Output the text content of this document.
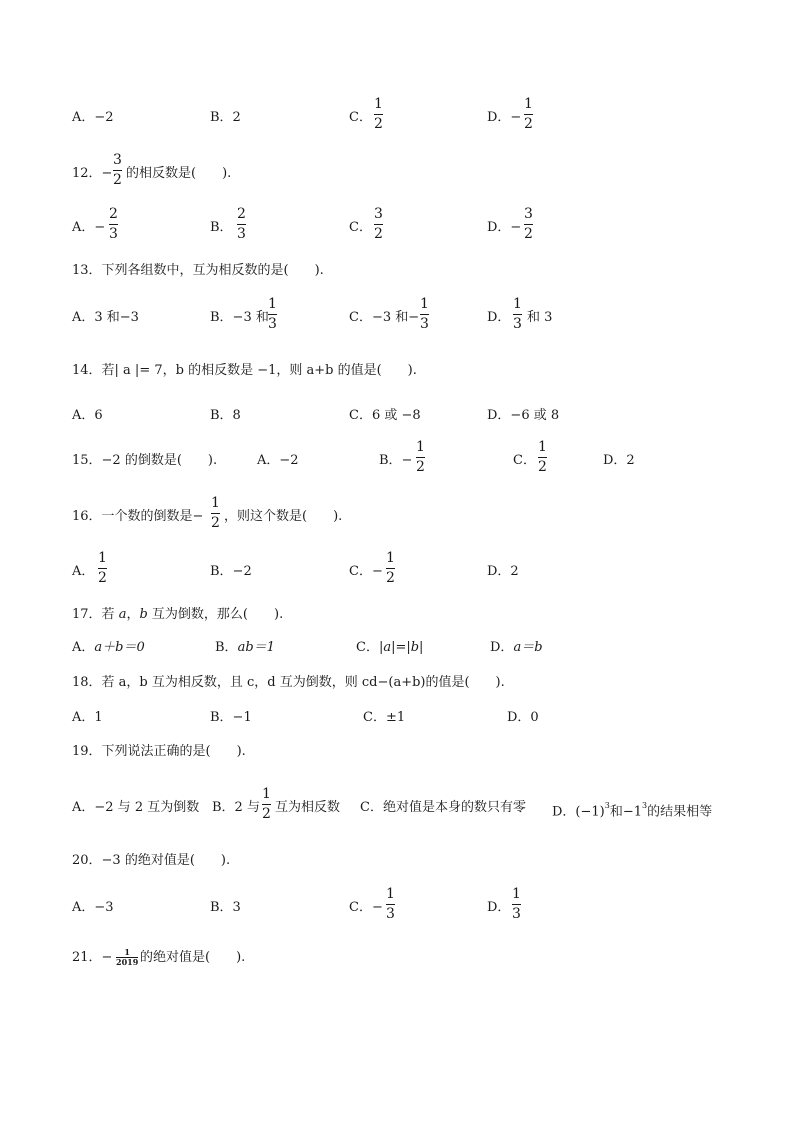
A．−2	B．2	C．
1
2	D．−
1
2
12．−
3
2 的相反数是(　　).
A．−
2
3	B．
2
3	C．
3
2	D．−
3
2
13．下列各组数中，互为相反数的是(　　).
A．3 和−3	B．−3 和
1
3	C．−3 和−
1
3	D．
1
3 和 3
14．若| a |= 7，b 的相反数是 −1，则 a+b 的值是(　　).
A．6	B．8	C．6 或 −8	D．−6 或 8
15．−2 的倒数是(　　).	A．−2	B．−
1
2	C．
1
2	D．2
16．一个数的倒数是−
1
2 ，则这个数是(　　).
A．
1
2	B．−2	C．−
1
2	D．2
17．若 a，b 互为倒数，那么(　　).
A．a＋b＝0	B．ab＝1	C．|a|=|b|	D．a＝b
18．若 a，b 互为相反数，且 c，d 互为倒数，则 cd−(a+b)的值是(　　).
A．1	B．−1	C．±1	D．0
19．下列说法正确的是(　　).
A．−2 与 2 互为倒数 B．2 与
1
2 互为相反数 C．绝对值是本身的数只有零 D．$(-1)^3$和$-1^3$的结果相等
20．−3 的绝对值是(　　).
A．−3	B．3	C．−
1
3	D．
1
3
21．− 1
2019 的绝对值是(　　).
